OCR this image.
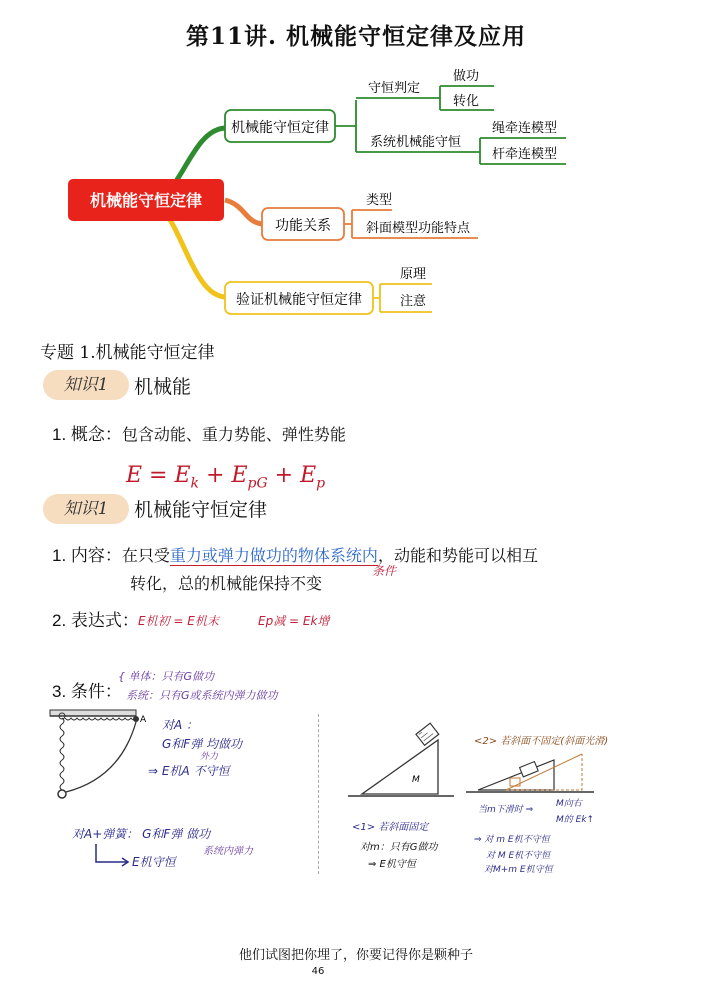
第11讲. 机械能守恒定律及应用
机械能守恒定律
机械能守恒定律
守恒判定
做功
转化
系统机械能守恒
绳牵连模型
杆牵连模型
功能关系
类型
斜面模型功能特点
验证机械能守恒定律
原理
注意
专题 1.机械能守恒定律
知识1	机械能
1. 概念：包含动能、重力势能、弹性势能
$E = E_k + E_{pG} + E_p$
知识1	机械能守恒定律
1. 内容：在只受重力或弹力做功的物体系统内，动能和势能可以相互
转化，总的机械能保持不变
条件
2. 表达式： E机初 = E机末	Ep减 = Ek增
3. 条件：
{ 单体：只有G做功
系统：只有G或系统内弹力做功
A 对A ：
G和F弹 均做功
外力
⇒ E机A 不守恒
对A+弹簧： G和F弹 做功
系统内弹力
E机守恒
M
<1> 若斜面固定
对m：只有G做功
⇒ E机守恒
<2> 若斜面不固定(斜面光滑)
当m下滑时 ⇒
M向右
M的 Ek↑
⇒ 对 m E机不守恒
对 M E机不守恒
对M+m E机守恒
他们试图把你埋了，你要记得你是颗种子
46
